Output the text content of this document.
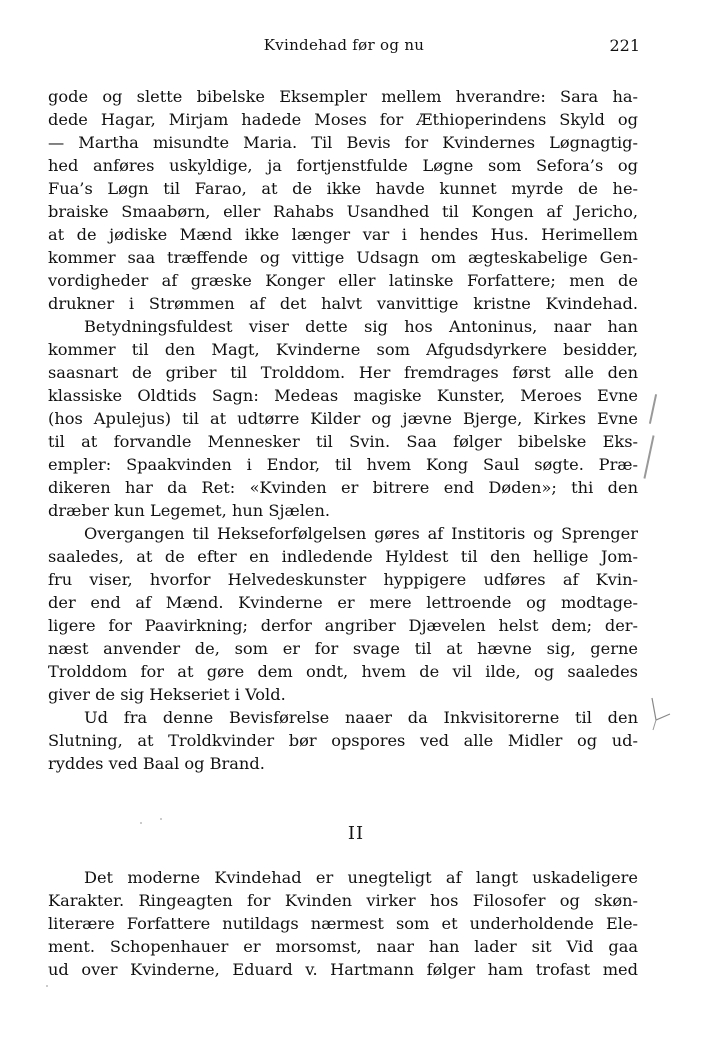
Kvindehad før og nu	221
gode og slette bibelske Eksempler mellem hverandre: Sara ha-
dede Hagar, Mirjam hadede Moses for Æthioperindens Skyld og
— Martha misundte Maria. Til Bevis for Kvindernes Løgnagtig-
hed anføres uskyldige, ja fortjenstfulde Løgne som Sefora’s og
Fua’s Løgn til Farao, at de ikke havde kunnet myrde de he-
braiske Smaabørn, eller Rahabs Usandhed til Kongen af Jericho,
at de jødiske Mænd ikke længer var i hendes Hus. Herimellem
kommer saa træffende og vittige Udsagn om ægteskabelige Gen-
vordigheder af græske Konger eller latinske Forfattere; men de
drukner i Strømmen af det halvt vanvittige kristne Kvindehad.
Betydningsfuldest viser dette sig hos Antoninus, naar han
kommer til den Magt, Kvinderne som Afgudsdyrkere besidder,
saasnart de griber til Trolddom. Her fremdrages først alle den
klassiske Oldtids Sagn: Medeas magiske Kunster, Meroes Evne
(hos Apulejus) til at udtørre Kilder og jævne Bjerge, Kirkes Evne
til at forvandle Mennesker til Svin. Saa følger bibelske Eks-
empler: Spaakvinden i Endor, til hvem Kong Saul søgte. Præ-
dikeren har da Ret: «Kvinden er bitrere end Døden»; thi den
dræber kun Legemet, hun Sjælen.
Overgangen til Hekseforfølgelsen gøres af Institoris og Sprenger
saaledes, at de efter en indledende Hyldest til den hellige Jom-
fru viser, hvorfor Helvedeskunster hyppigere udføres af Kvin-
der end af Mænd. Kvinderne er mere lettroende og modtage-
ligere for Paavirkning; derfor angriber Djævelen helst dem; der-
næst anvender de, som er for svage til at hævne sig, gerne
Trolddom for at gøre dem ondt, hvem de vil ilde, og saaledes
giver de sig Hekseriet i Vold.
Ud fra denne Bevisførelse naaer da Inkvisitorerne til den
Slutning, at Troldkvinder bør opspores ved alle Midler og ud-
ryddes ved Baal og Brand.
II
Det moderne Kvindehad er unegteligt af langt uskadeligere
Karakter. Ringeagten for Kvinden virker hos Filosofer og skøn-
literære Forfattere nutildags nærmest som et underholdende Ele-
ment. Schopenhauer er morsomst, naar han lader sit Vid gaa
ud over Kvinderne, Eduard v. Hartmann følger ham trofast med
